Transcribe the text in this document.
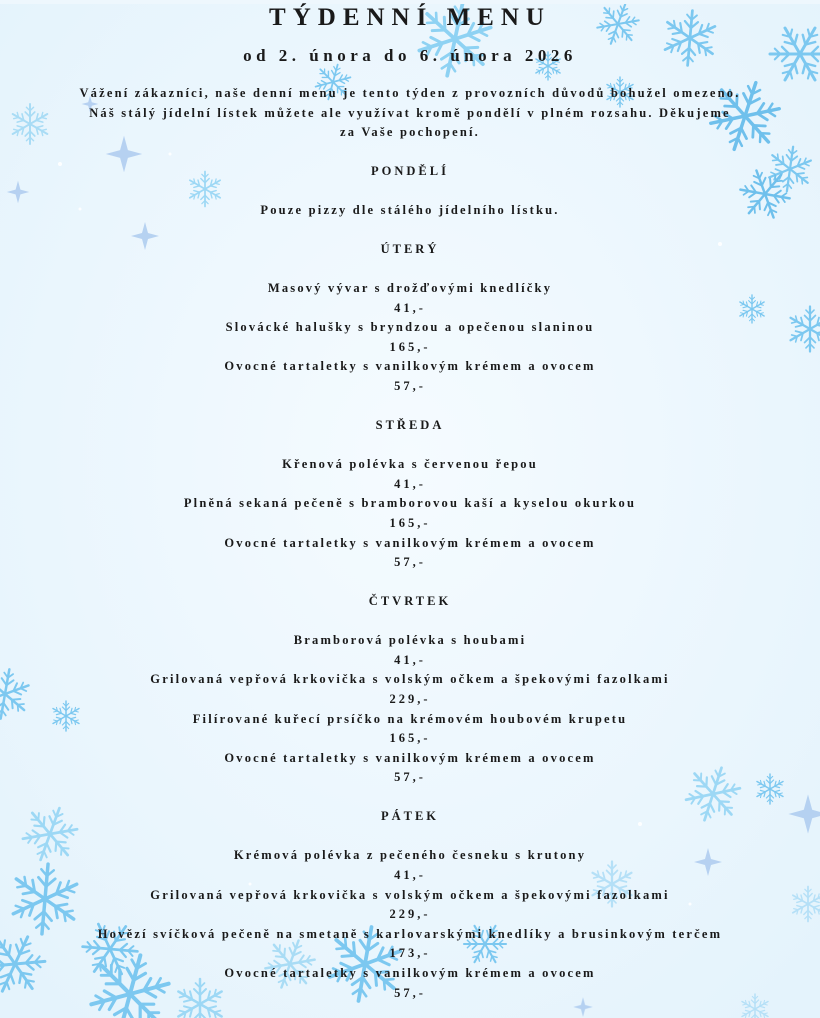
TÝDENNÍ MENU
od 2. února do 6. února 2026
Vážení zákazníci, naše denní menu je tento týden z provozních důvodů bohužel omezeno.
Náš stálý jídelní lístek můžete ale využívat kromě pondělí v plném rozsahu. Děkujeme
za Vaše pochopení.
PONDĚLÍ
Pouze pizzy dle stálého jídelního lístku.
ÚTERÝ
Masový vývar s drožďovými knedlíčky
41,-
Slovácké halušky s bryndzou a opečenou slaninou
165,-
Ovocné tartaletky s vanilkovým krémem a ovocem
57,-
STŘEDA
Křenová polévka s červenou řepou
41,-
Plněná sekaná pečeně s bramborovou kaší a kyselou okurkou
165,-
Ovocné tartaletky s vanilkovým krémem a ovocem
57,-
ČTVRTEK
Bramborová polévka s houbami
41,-
Grilovaná vepřová krkovička s volským očkem a špekovými fazolkami
229,-
Filírované kuřecí prsíčko na krémovém houbovém krupetu
165,-
Ovocné tartaletky s vanilkovým krémem a ovocem
57,-
PÁTEK
Krémová polévka z pečeného česneku s krutony
41,-
Grilovaná vepřová krkovička s volským očkem a špekovými fazolkami
229,-
Hovězí svíčková pečeně na smetaně s karlovarskými knedlíky a brusinkovým terčem
173,-
Ovocné tartaletky s vanilkovým krémem a ovocem
57,-
